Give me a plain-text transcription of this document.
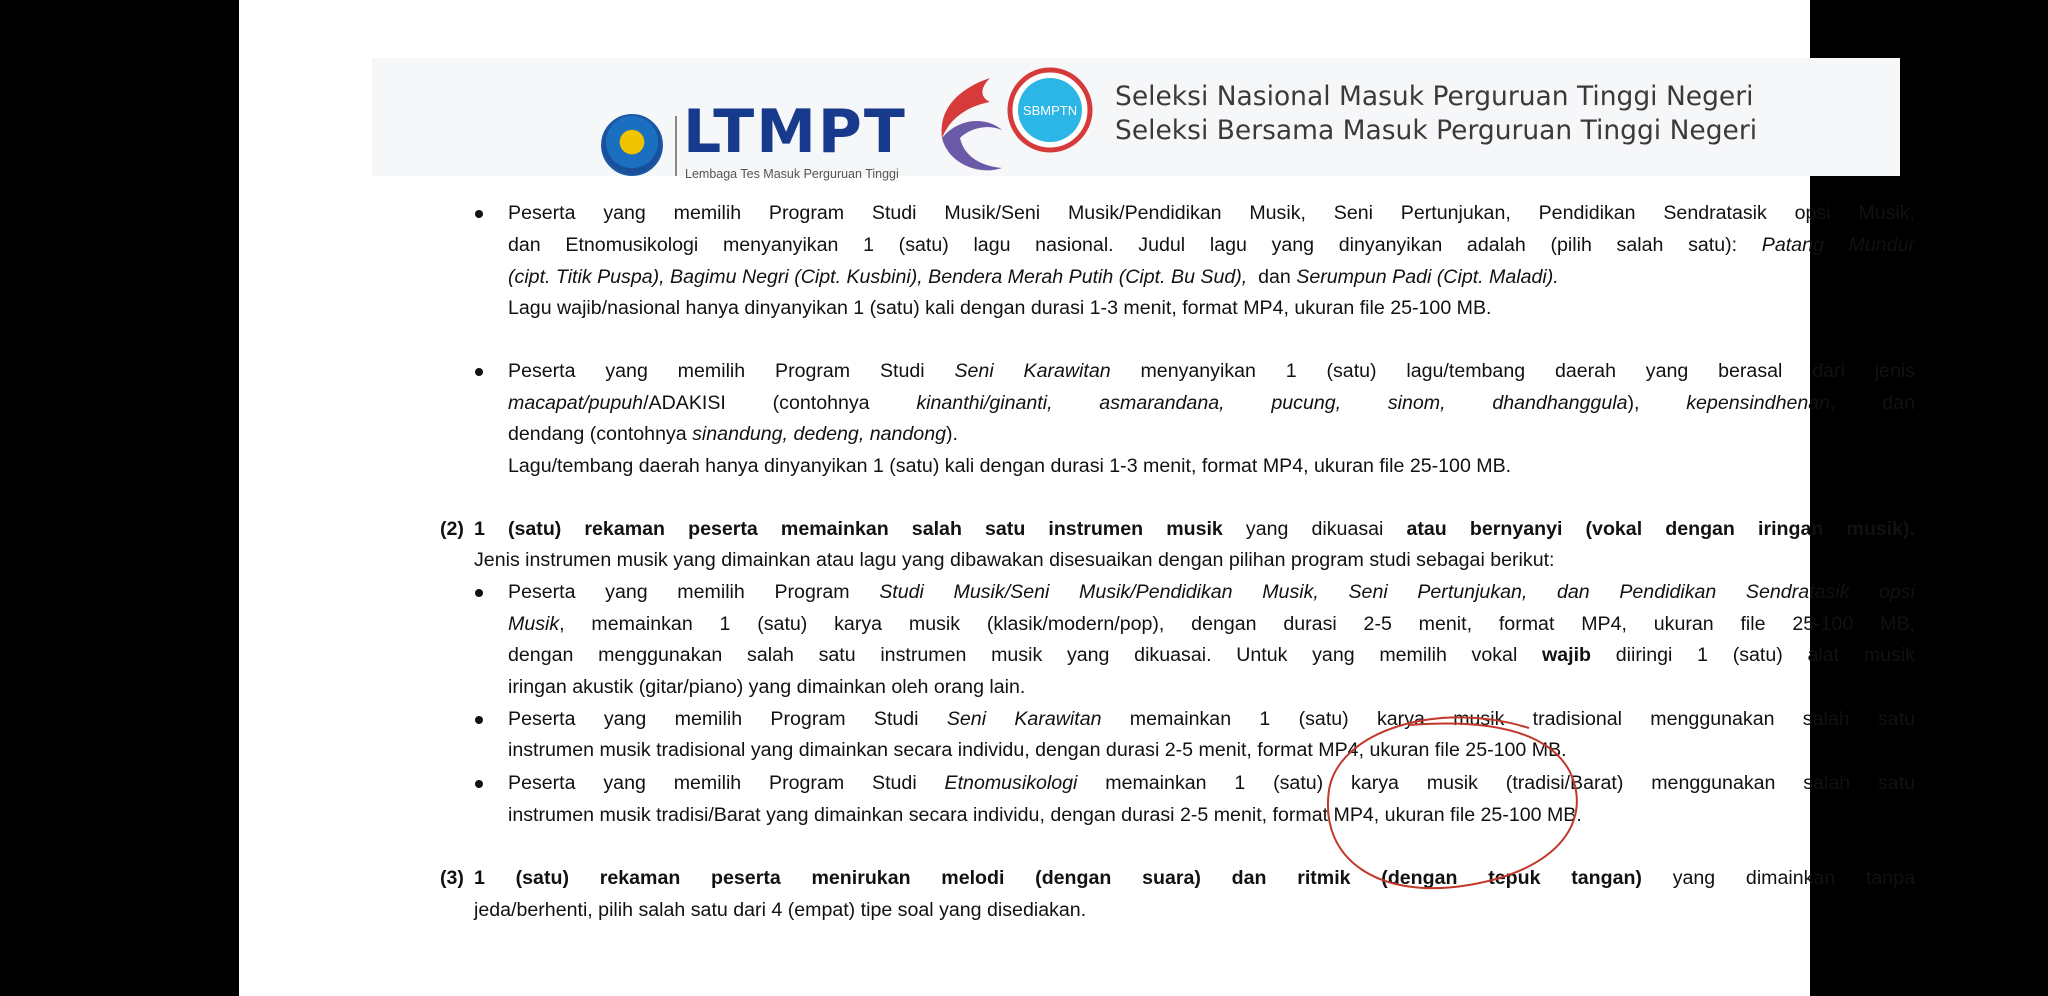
LTMPT
Lembaga Tes Masuk Perguruan Tinggi
SBMPTN Seleksi Nasional Masuk Perguruan Tinggi Negeri
Seleksi Bersama Masuk Perguruan Tinggi Negeri
Peserta yang memilih Program Studi Musik/Seni Musik/Pendidikan Musik, Seni Pertunjukan, Pendidikan Sendratasik opsi Musik,
dan Etnomusikologi menyanyikan 1 (satu) lagu nasional. Judul lagu yang dinyanyikan adalah (pilih salah satu): Patang Mundur
(cipt. Titik Puspa), Bagimu Negri (Cipt. Kusbini), Bendera Merah Putih (Cipt. Bu Sud),  dan Serumpun Padi (Cipt. Maladi).
Lagu wajib/nasional hanya dinyanyikan 1 (satu) kali dengan durasi 1-3 menit, format MP4, ukuran file 25-100 MB.
Peserta yang memilih Program Studi Seni Karawitan menyanyikan 1 (satu) lagu/tembang daerah yang berasal dari jenis
macapat/pupuh/ADAKISI (contohnya kinanthi/ginanti, asmarandana, pucung, sinom, dhandhanggula), kepensindhenan, dan
dendang (contohnya sinandung, dedeng, nandong).
Lagu/tembang daerah hanya dinyanyikan 1 (satu) kali dengan durasi 1-3 menit, format MP4, ukuran file 25-100 MB.
(2) 1 (satu) rekaman peserta memainkan salah satu instrumen musik yang dikuasai atau bernyanyi (vokal dengan iringan musik).
Jenis instrumen musik yang dimainkan atau lagu yang dibawakan disesuaikan dengan pilihan program studi sebagai berikut:
Peserta yang memilih Program Studi Musik/Seni Musik/Pendidikan Musik, Seni Pertunjukan, dan Pendidikan Sendratasik opsi
Musik, memainkan 1 (satu) karya musik (klasik/modern/pop), dengan durasi 2-5 menit, format MP4, ukuran file 25-100 MB,
dengan menggunakan salah satu instrumen musik yang dikuasai. Untuk yang memilih vokal wajib diiringi 1 (satu) alat musik
iringan akustik (gitar/piano) yang dimainkan oleh orang lain.
Peserta yang memilih Program Studi Seni Karawitan memainkan 1 (satu) karya musik tradisional menggunakan salah satu
instrumen musik tradisional yang dimainkan secara individu, dengan durasi 2-5 menit, format MP4, ukuran file 25-100 MB.
Peserta yang memilih Program Studi Etnomusikologi memainkan 1 (satu) karya musik (tradisi/Barat) menggunakan salah satu
instrumen musik tradisi/Barat yang dimainkan secara individu, dengan durasi 2-5 menit, format MP4, ukuran file 25-100 MB.
(3) 1 (satu) rekaman peserta menirukan melodi (dengan suara) dan ritmik (dengan tepuk tangan) yang dimainkan tanpa
jeda/berhenti, pilih salah satu dari 4 (empat) tipe soal yang disediakan.
